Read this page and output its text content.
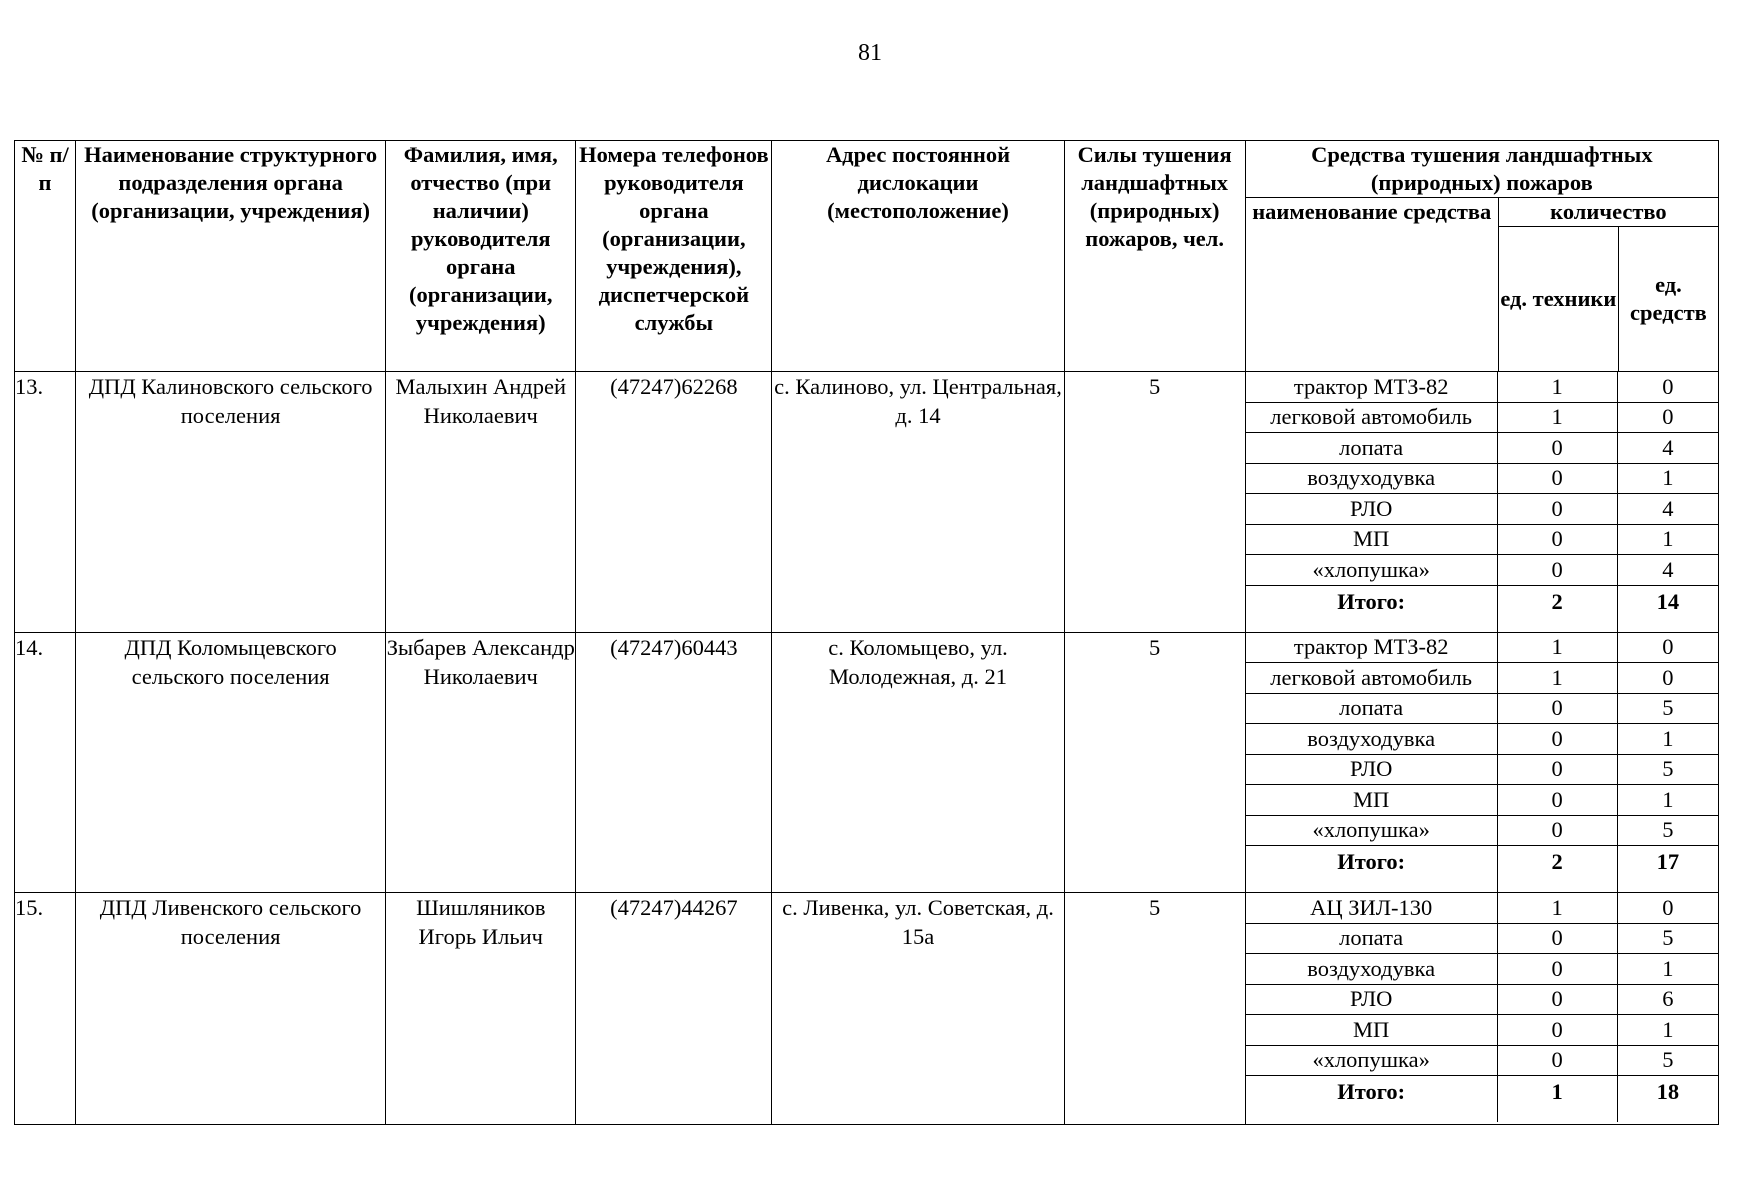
81
№ п/п	Наименование структурного подразделения органа (организации, учреждения)	Фамилия, имя, отчество (при наличии) руководителя органа (организации, учреждения)	Номера телефонов руководителя органа (организации, учреждения), диспетчерской службы	Адрес постоянной дислокации (местоположение)	Силы тушения ландшафтных (природных) пожаров, чел.	Средства тушения ландшафтных (природных) пожаров
наименование средства	количество
ед. техники	ед. средств
13.	ДПД Калиновского сельского поселения	Малыхин Андрей Николаевич	(47247)62268	с. Калиново, ул. Центральная, д. 14	5		трактор МТЗ-82	1	0
легковой автомобиль	1	0
лопата	0	4
воздуходувка	0	1
РЛО	0	4
МП	0	1
«хлопушка»	0	4
Итого:	2	14

14.	ДПД Коломыцевского сельского поселения	Зыбарев Александр Николаевич	(47247)60443	с. Коломыцево, ул. Молодежная, д. 21	5		трактор МТЗ-82	1	0
легковой автомобиль	1	0
лопата	0	5
воздуходувка	0	1
РЛО	0	5
МП	0	1
«хлопушка»	0	5
Итого:	2	17

15.	ДПД Ливенского сельского поселения	Шишляников Игорь Ильич	(47247)44267	с. Ливенка, ул. Советская, д. 15а	5		АЦ ЗИЛ-130	1	0
лопата	0	5
воздуходувка	0	1
РЛО	0	6
МП	0	1
«хлопушка»	0	5
Итого:	1	18
